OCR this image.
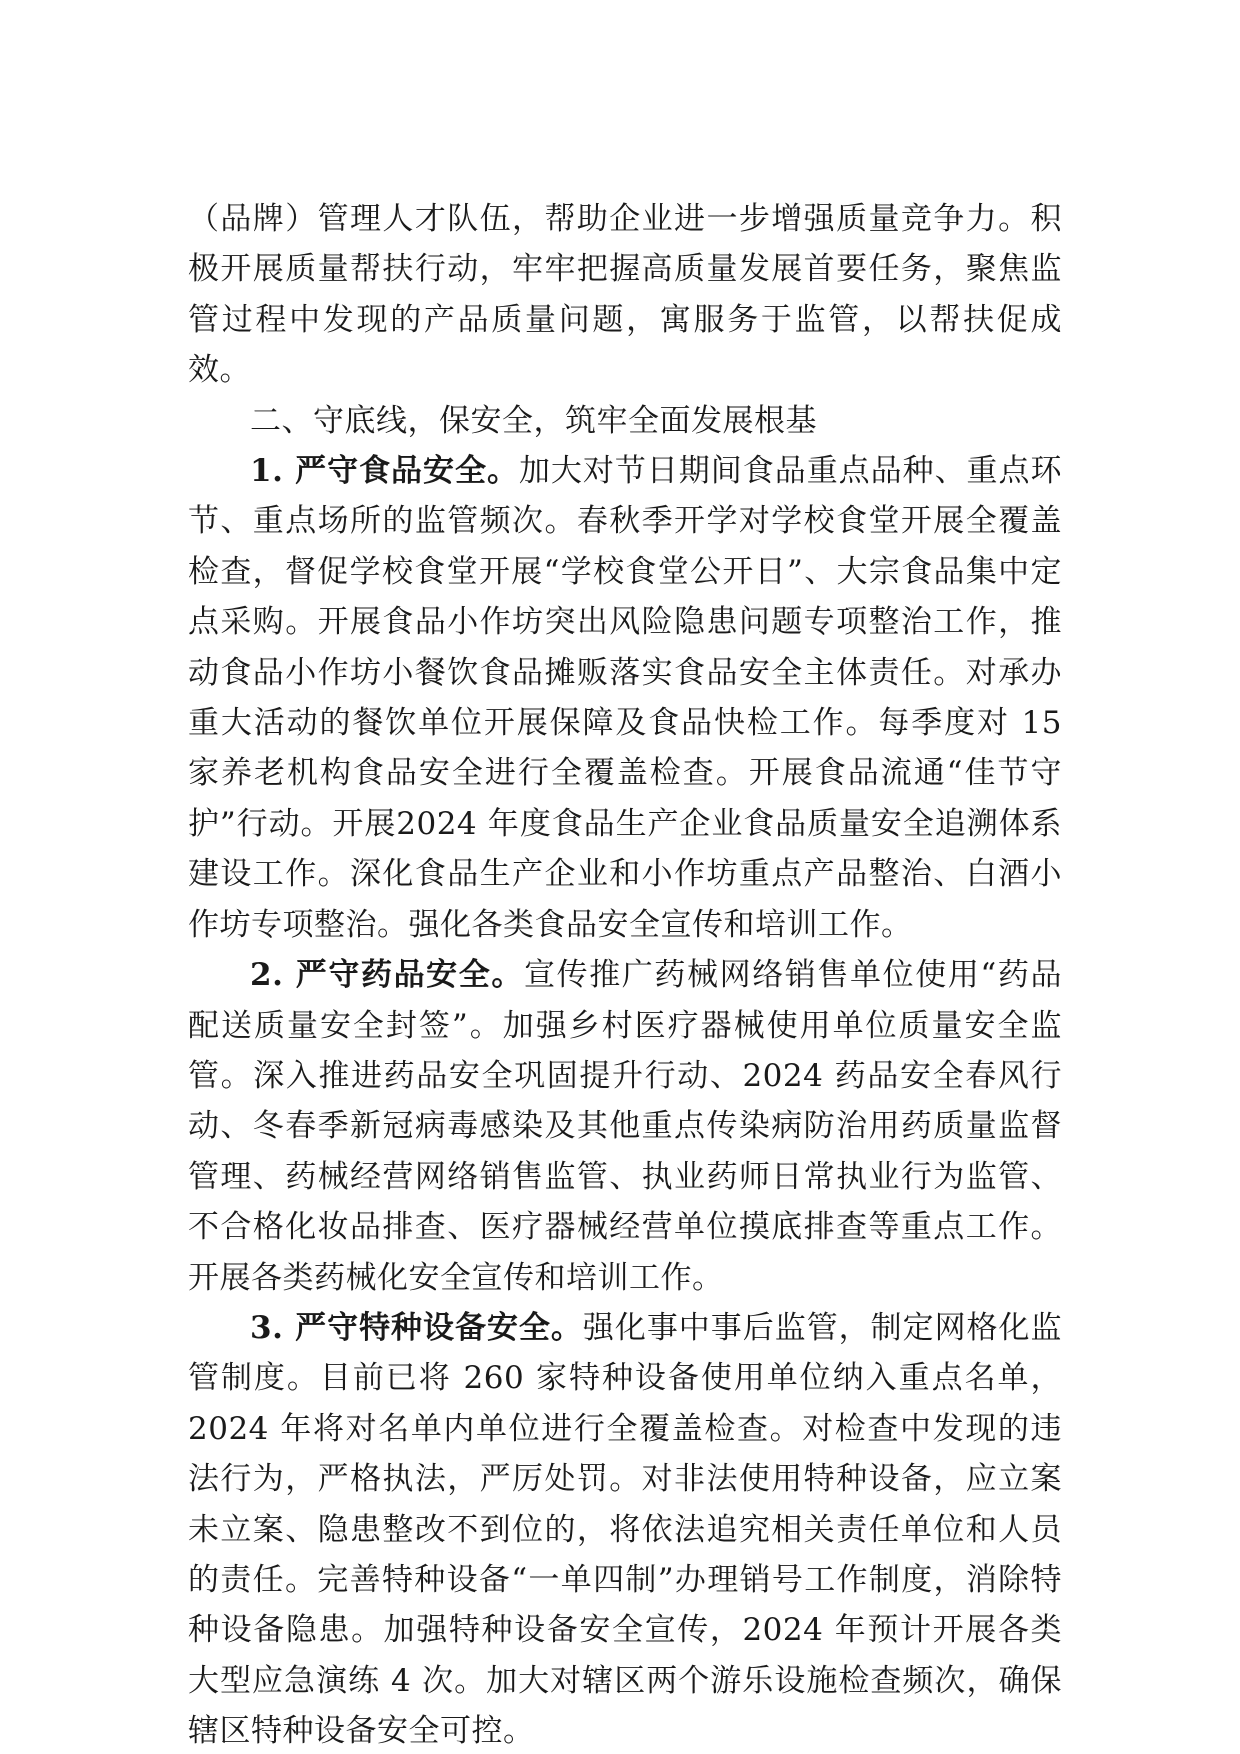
（品牌）管理人才队伍，帮助企业进一步增强质量竞争力。积极开展质量帮扶行动，牢牢把握高质量发展首要任务，聚焦监管过程中发现的产品质量问题，寓服务于监管，以帮扶促成效。

二、守底线，保安全，筑牢全面发展根基

1. 严守食品安全。加大对节日期间食品重点品种、重点环节、重点场所的监管频次。春秋季开学对学校食堂开展全覆盖检查，督促学校食堂开展“学校食堂公开日”、大宗食品集中定点采购。开展食品小作坊突出风险隐患问题专项整治工作，推动食品小作坊小餐饮食品摊贩落实食品安全主体责任。对承办重大活动的餐饮单位开展保障及食品快检工作。每季度对 15 家养老机构食品安全进行全覆盖检查。开展食品流通“佳节守护”行动。开展2024 年度食品生产企业食品质量安全追溯体系建设工作。深化食品生产企业和小作坊重点产品整治、白酒小作坊专项整治。强化各类食品安全宣传和培训工作。

2. 严守药品安全。宣传推广药械网络销售单位使用“药品配送质量安全封签”。加强乡村医疗器械使用单位质量安全监管。深入推进药品安全巩固提升行动、2024 药品安全春风行动、冬春季新冠病毒感染及其他重点传染病防治用药质量监督管理、药械经营网络销售监管、执业药师日常执业行为监管、不合格化妆品排查、医疗器械经营单位摸底排查等重点工作。开展各类药械化安全宣传和培训工作。

3. 严守特种设备安全。强化事中事后监管，制定网格化监管制度。目前已将 260 家特种设备使用单位纳入重点名单，2024 年将对名单内单位进行全覆盖检查。对检查中发现的违法行为，严格执法，严厉处罚。对非法使用特种设备，应立案未立案、隐患整改不到位的，将依法追究相关责任单位和人员的责任。完善特种设备“一单四制”办理销号工作制度，消除特种设备隐患。加强特种设备安全宣传，2024 年预计开展各类大型应急演练 4 次。加大对辖区两个游乐设施检查频次，确保辖区特种设备安全可控。
